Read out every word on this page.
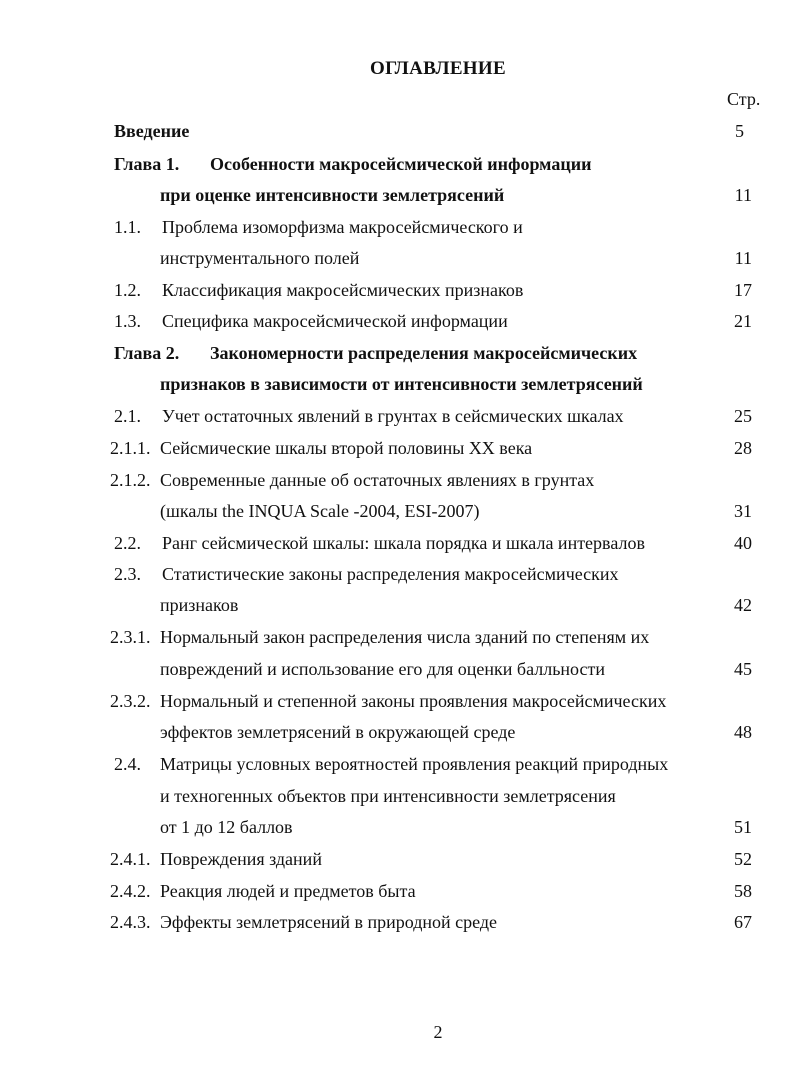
ОГЛАВЛЕНИЕ
Стр.
Введение	5
Глава 1. Особенности макросейсмической информации
при оценке интенсивности землетрясений	11
1.1. Проблема изоморфизма макросейсмического и
инструментального полей	11
1.2. Классификация макросейсмических признаков	17
1.3. Специфика макросейсмической информации	21
Глава 2. Закономерности распределения макросейсмических
признаков в зависимости от интенсивности землетрясений
2.1. Учет остаточных явлений в грунтах в сейсмических шкалах	25
2.1.1. Сейсмические шкалы второй половины XX века	28
2.1.2. Современные данные об остаточных явлениях в грунтах
(шкалы the INQUA Scale -2004, ESI-2007)	31
2.2. Ранг сейсмической шкалы: шкала порядка и шкала интервалов	40
2.3. Статистические законы распределения макросейсмических
признаков	42
2.3.1. Нормальный закон распределения числа зданий по степеням их
повреждений и использование его для оценки балльности	45
2.3.2. Нормальный и степенной законы проявления макросейсмических
эффектов землетрясений в окружающей среде	48
2.4. Матрицы условных вероятностей проявления реакций природных
и техногенных объектов при интенсивности землетрясения
от 1 до 12 баллов	51
2.4.1. Повреждения зданий	52
2.4.2. Реакция людей и предметов быта	58
2.4.3. Эффекты землетрясений в природной среде	67
2
